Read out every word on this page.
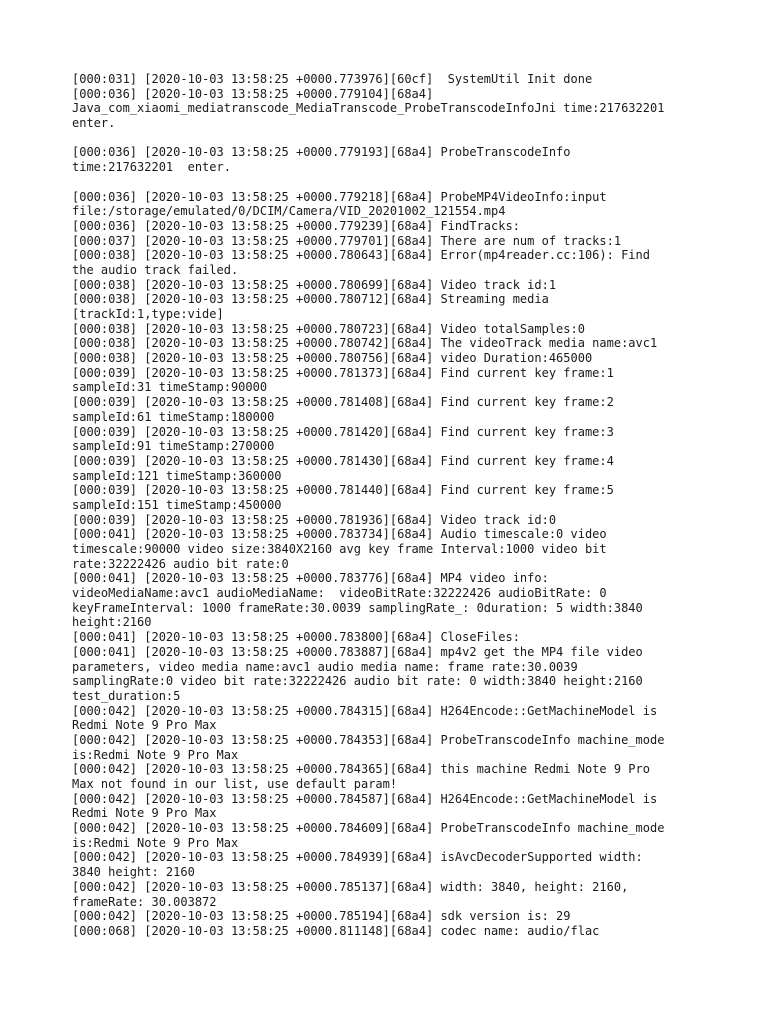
[000:031] [2020-10-03 13:58:25 +0000.773976][60cf]  SystemUtil Init done
[000:036] [2020-10-03 13:58:25 +0000.779104][68a4]
Java_com_xiaomi_mediatranscode_MediaTranscode_ProbeTranscodeInfoJni time:217632201
enter.
[000:036] [2020-10-03 13:58:25 +0000.779193][68a4] ProbeTranscodeInfo
time:217632201  enter.
[000:036] [2020-10-03 13:58:25 +0000.779218][68a4] ProbeMP4VideoInfo:input
file:/storage/emulated/0/DCIM/Camera/VID_20201002_121554.mp4
[000:036] [2020-10-03 13:58:25 +0000.779239][68a4] FindTracks:
[000:037] [2020-10-03 13:58:25 +0000.779701][68a4] There are num of tracks:1
[000:038] [2020-10-03 13:58:25 +0000.780643][68a4] Error(mp4reader.cc:106): Find
the audio track failed.
[000:038] [2020-10-03 13:58:25 +0000.780699][68a4] Video track id:1
[000:038] [2020-10-03 13:58:25 +0000.780712][68a4] Streaming media
[trackId:1,type:vide]
[000:038] [2020-10-03 13:58:25 +0000.780723][68a4] Video totalSamples:0
[000:038] [2020-10-03 13:58:25 +0000.780742][68a4] The videoTrack media name:avc1
[000:038] [2020-10-03 13:58:25 +0000.780756][68a4] video Duration:465000
[000:039] [2020-10-03 13:58:25 +0000.781373][68a4] Find current key frame:1
sampleId:31 timeStamp:90000
[000:039] [2020-10-03 13:58:25 +0000.781408][68a4] Find current key frame:2
sampleId:61 timeStamp:180000
[000:039] [2020-10-03 13:58:25 +0000.781420][68a4] Find current key frame:3
sampleId:91 timeStamp:270000
[000:039] [2020-10-03 13:58:25 +0000.781430][68a4] Find current key frame:4
sampleId:121 timeStamp:360000
[000:039] [2020-10-03 13:58:25 +0000.781440][68a4] Find current key frame:5
sampleId:151 timeStamp:450000
[000:039] [2020-10-03 13:58:25 +0000.781936][68a4] Video track id:0
[000:041] [2020-10-03 13:58:25 +0000.783734][68a4] Audio timescale:0 video
timescale:90000 video size:3840X2160 avg key frame Interval:1000 video bit
rate:32222426 audio bit rate:0
[000:041] [2020-10-03 13:58:25 +0000.783776][68a4] MP4 video info:
videoMediaName:avc1 audioMediaName:  videoBitRate:32222426 audioBitRate: 0
keyFrameInterval: 1000 frameRate:30.0039 samplingRate_: 0duration: 5 width:3840
height:2160
[000:041] [2020-10-03 13:58:25 +0000.783800][68a4] CloseFiles:
[000:041] [2020-10-03 13:58:25 +0000.783887][68a4] mp4v2 get the MP4 file video
parameters, video media name:avc1 audio media name: frame rate:30.0039
samplingRate:0 video bit rate:32222426 audio bit rate: 0 width:3840 height:2160
test_duration:5
[000:042] [2020-10-03 13:58:25 +0000.784315][68a4] H264Encode::GetMachineModel is
Redmi Note 9 Pro Max
[000:042] [2020-10-03 13:58:25 +0000.784353][68a4] ProbeTranscodeInfo machine_mode
is:Redmi Note 9 Pro Max
[000:042] [2020-10-03 13:58:25 +0000.784365][68a4] this machine Redmi Note 9 Pro
Max not found in our list, use default param!
[000:042] [2020-10-03 13:58:25 +0000.784587][68a4] H264Encode::GetMachineModel is
Redmi Note 9 Pro Max
[000:042] [2020-10-03 13:58:25 +0000.784609][68a4] ProbeTranscodeInfo machine_mode
is:Redmi Note 9 Pro Max
[000:042] [2020-10-03 13:58:25 +0000.784939][68a4] isAvcDecoderSupported width:
3840 height: 2160
[000:042] [2020-10-03 13:58:25 +0000.785137][68a4] width: 3840, height: 2160,
frameRate: 30.003872
[000:042] [2020-10-03 13:58:25 +0000.785194][68a4] sdk version is: 29
[000:068] [2020-10-03 13:58:25 +0000.811148][68a4] codec name: audio/flac
